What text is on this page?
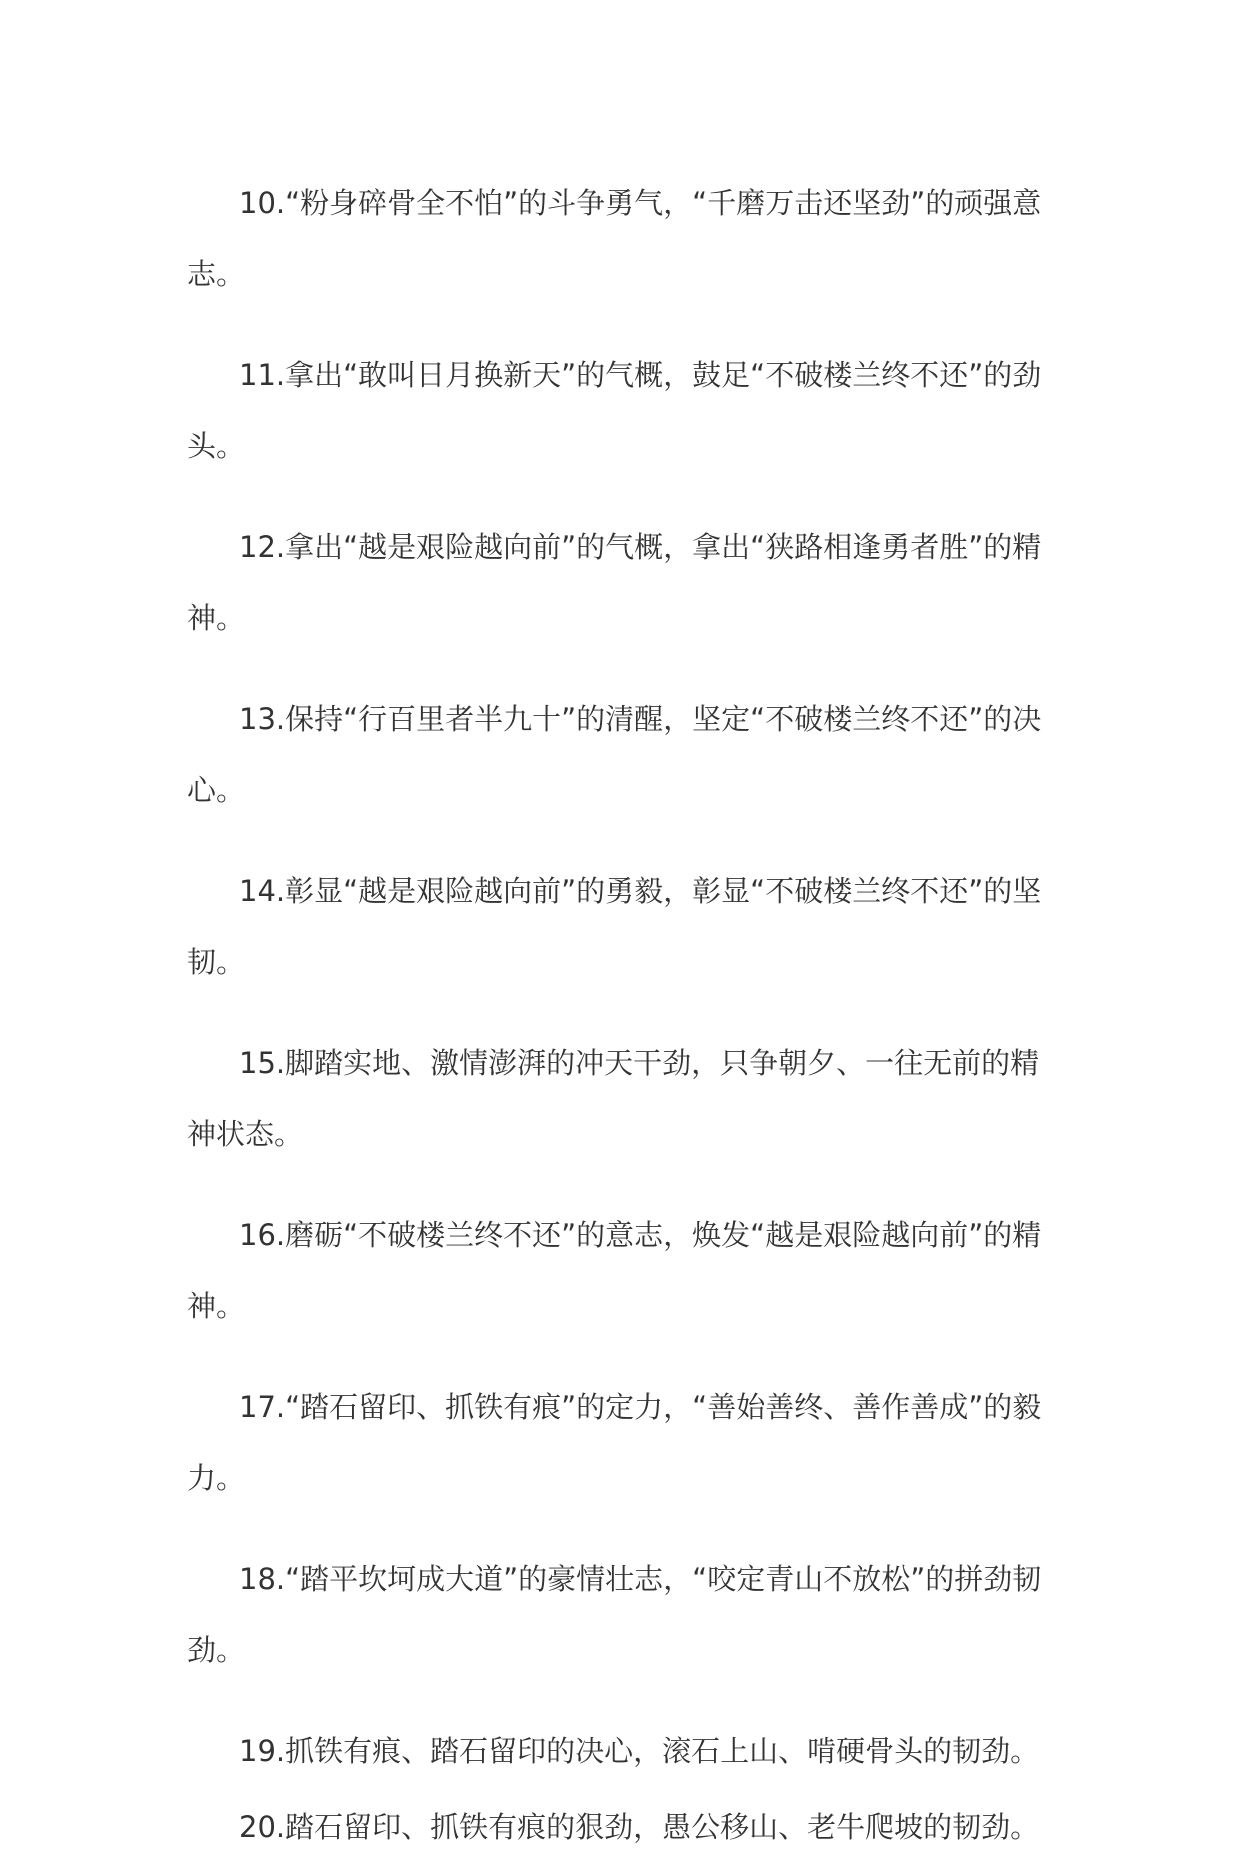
10.“粉身碎骨全不怕”的斗争勇气，“千磨万击还坚劲”的顽强意志。

11.拿出“敢叫日月换新天”的气概，鼓足“不破楼兰终不还”的劲头。

12.拿出“越是艰险越向前”的气概，拿出“狭路相逢勇者胜”的精神。

13.保持“行百里者半九十”的清醒，坚定“不破楼兰终不还”的决心。

14.彰显“越是艰险越向前”的勇毅，彰显“不破楼兰终不还”的坚韧。

15.脚踏实地、激情澎湃的冲天干劲，只争朝夕、一往无前的精神状态。

16.磨砺“不破楼兰终不还”的意志，焕发“越是艰险越向前”的精神。

17.“踏石留印、抓铁有痕”的定力，“善始善终、善作善成”的毅力。

18.“踏平坎坷成大道”的豪情壮志，“咬定青山不放松”的拼劲韧劲。

19.抓铁有痕、踏石留印的决心，滚石上山、啃硬骨头的韧劲。

20.踏石留印、抓铁有痕的狠劲，愚公移山、老牛爬坡的韧劲。
